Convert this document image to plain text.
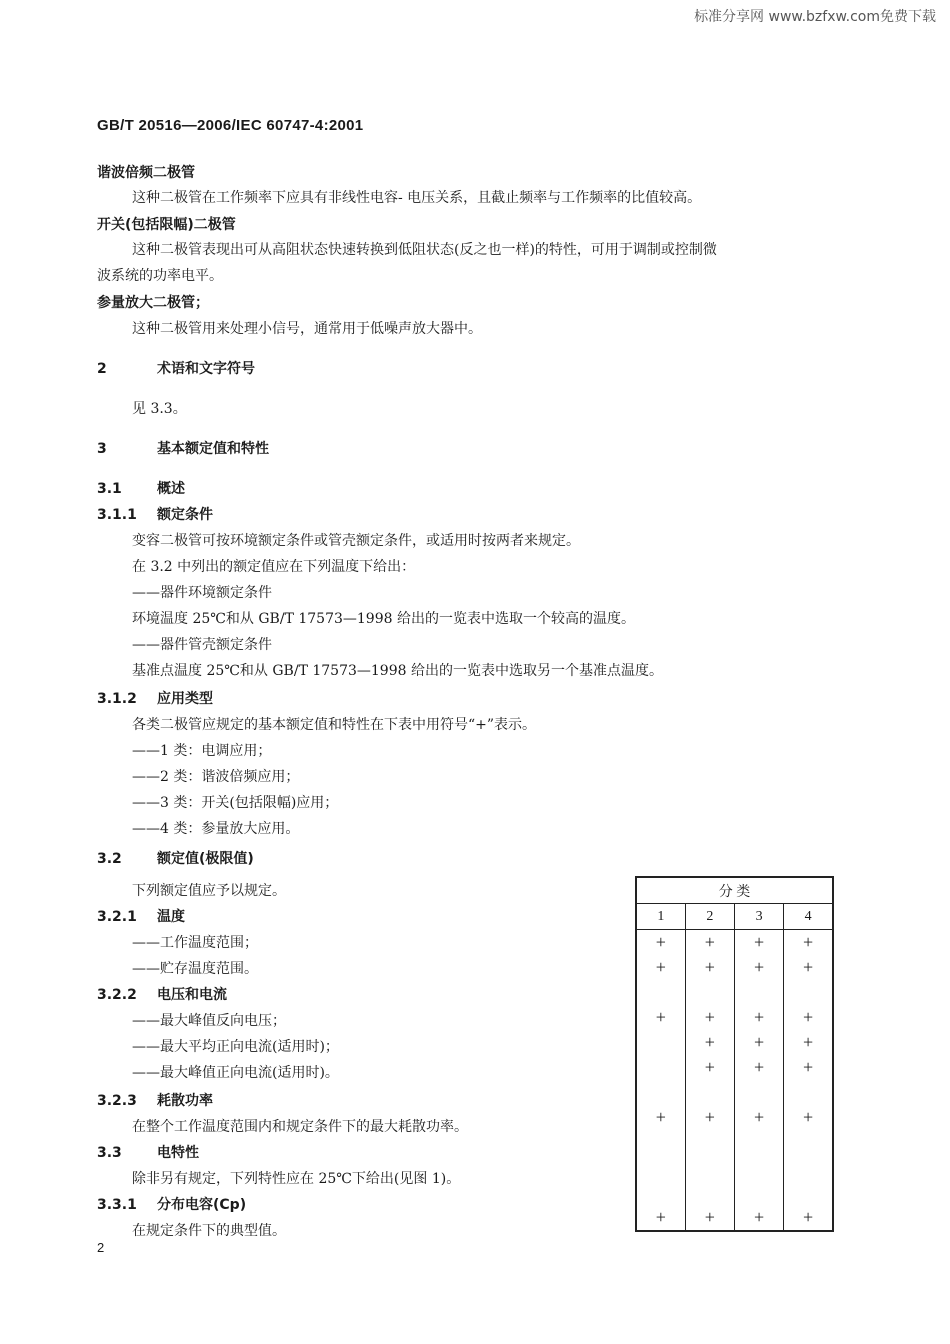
标准分享网 www.bzfxw.com免费下载
GB/T 20516—2006/IEC 60747-4:2001
谐波倍频二极管
这种二极管在工作频率下应具有非线性电容- 电压关系，且截止频率与工作频率的比值较高。
开关(包括限幅)二极管
这种二极管表现出可从高阻状态快速转换到低阻状态(反之也一样)的特性，可用于调制或控制微
波系统的功率电平。
参量放大二极管；
这种二极管用来处理小信号，通常用于低噪声放大器中。
2	术语和文字符号
见 3.3。
3	基本额定值和特性
3.1	概述
3.1.1 额定条件
变容二极管可按环境额定条件或管壳额定条件，或适用时按两者来规定。
在 3.2 中列出的额定值应在下列温度下给出：
——器件环境额定条件
环境温度 25℃和从 GB/T 17573—1998 给出的一览表中选取一个较高的温度。
——器件管壳额定条件
基准点温度 25℃和从 GB/T 17573—1998 给出的一览表中选取另一个基准点温度。
3.1.2 应用类型
各类二极管应规定的基本额定值和特性在下表中用符号“+”表示。
——1 类：电调应用；
——2 类：谐波倍频应用；
——3 类：开关(包括限幅)应用；
——4 类：参量放大应用。
3.2	额定值(极限值)
下列额定值应予以规定。
3.2.1 温度
——工作温度范围；
——贮存温度范围。
3.2.2 电压和电流
——最大峰值反向电压；
——最大平均正向电流(适用时)；
——最大峰值正向电流(适用时)。
3.2.3 耗散功率
在整个工作温度范围内和规定条件下的最大耗散功率。
3.3	电特性
除非另有规定，下列特性应在 25℃下给出(见图 1)。
3.3.1 分布电容(Cp)
在规定条件下的典型值。
分 类			
1	2	3	4
+	+	+	+
+	+	+	+

+	+	+	+
	+	+	+
	+	+	+

+	+	+	+

+	+	+	+
2
